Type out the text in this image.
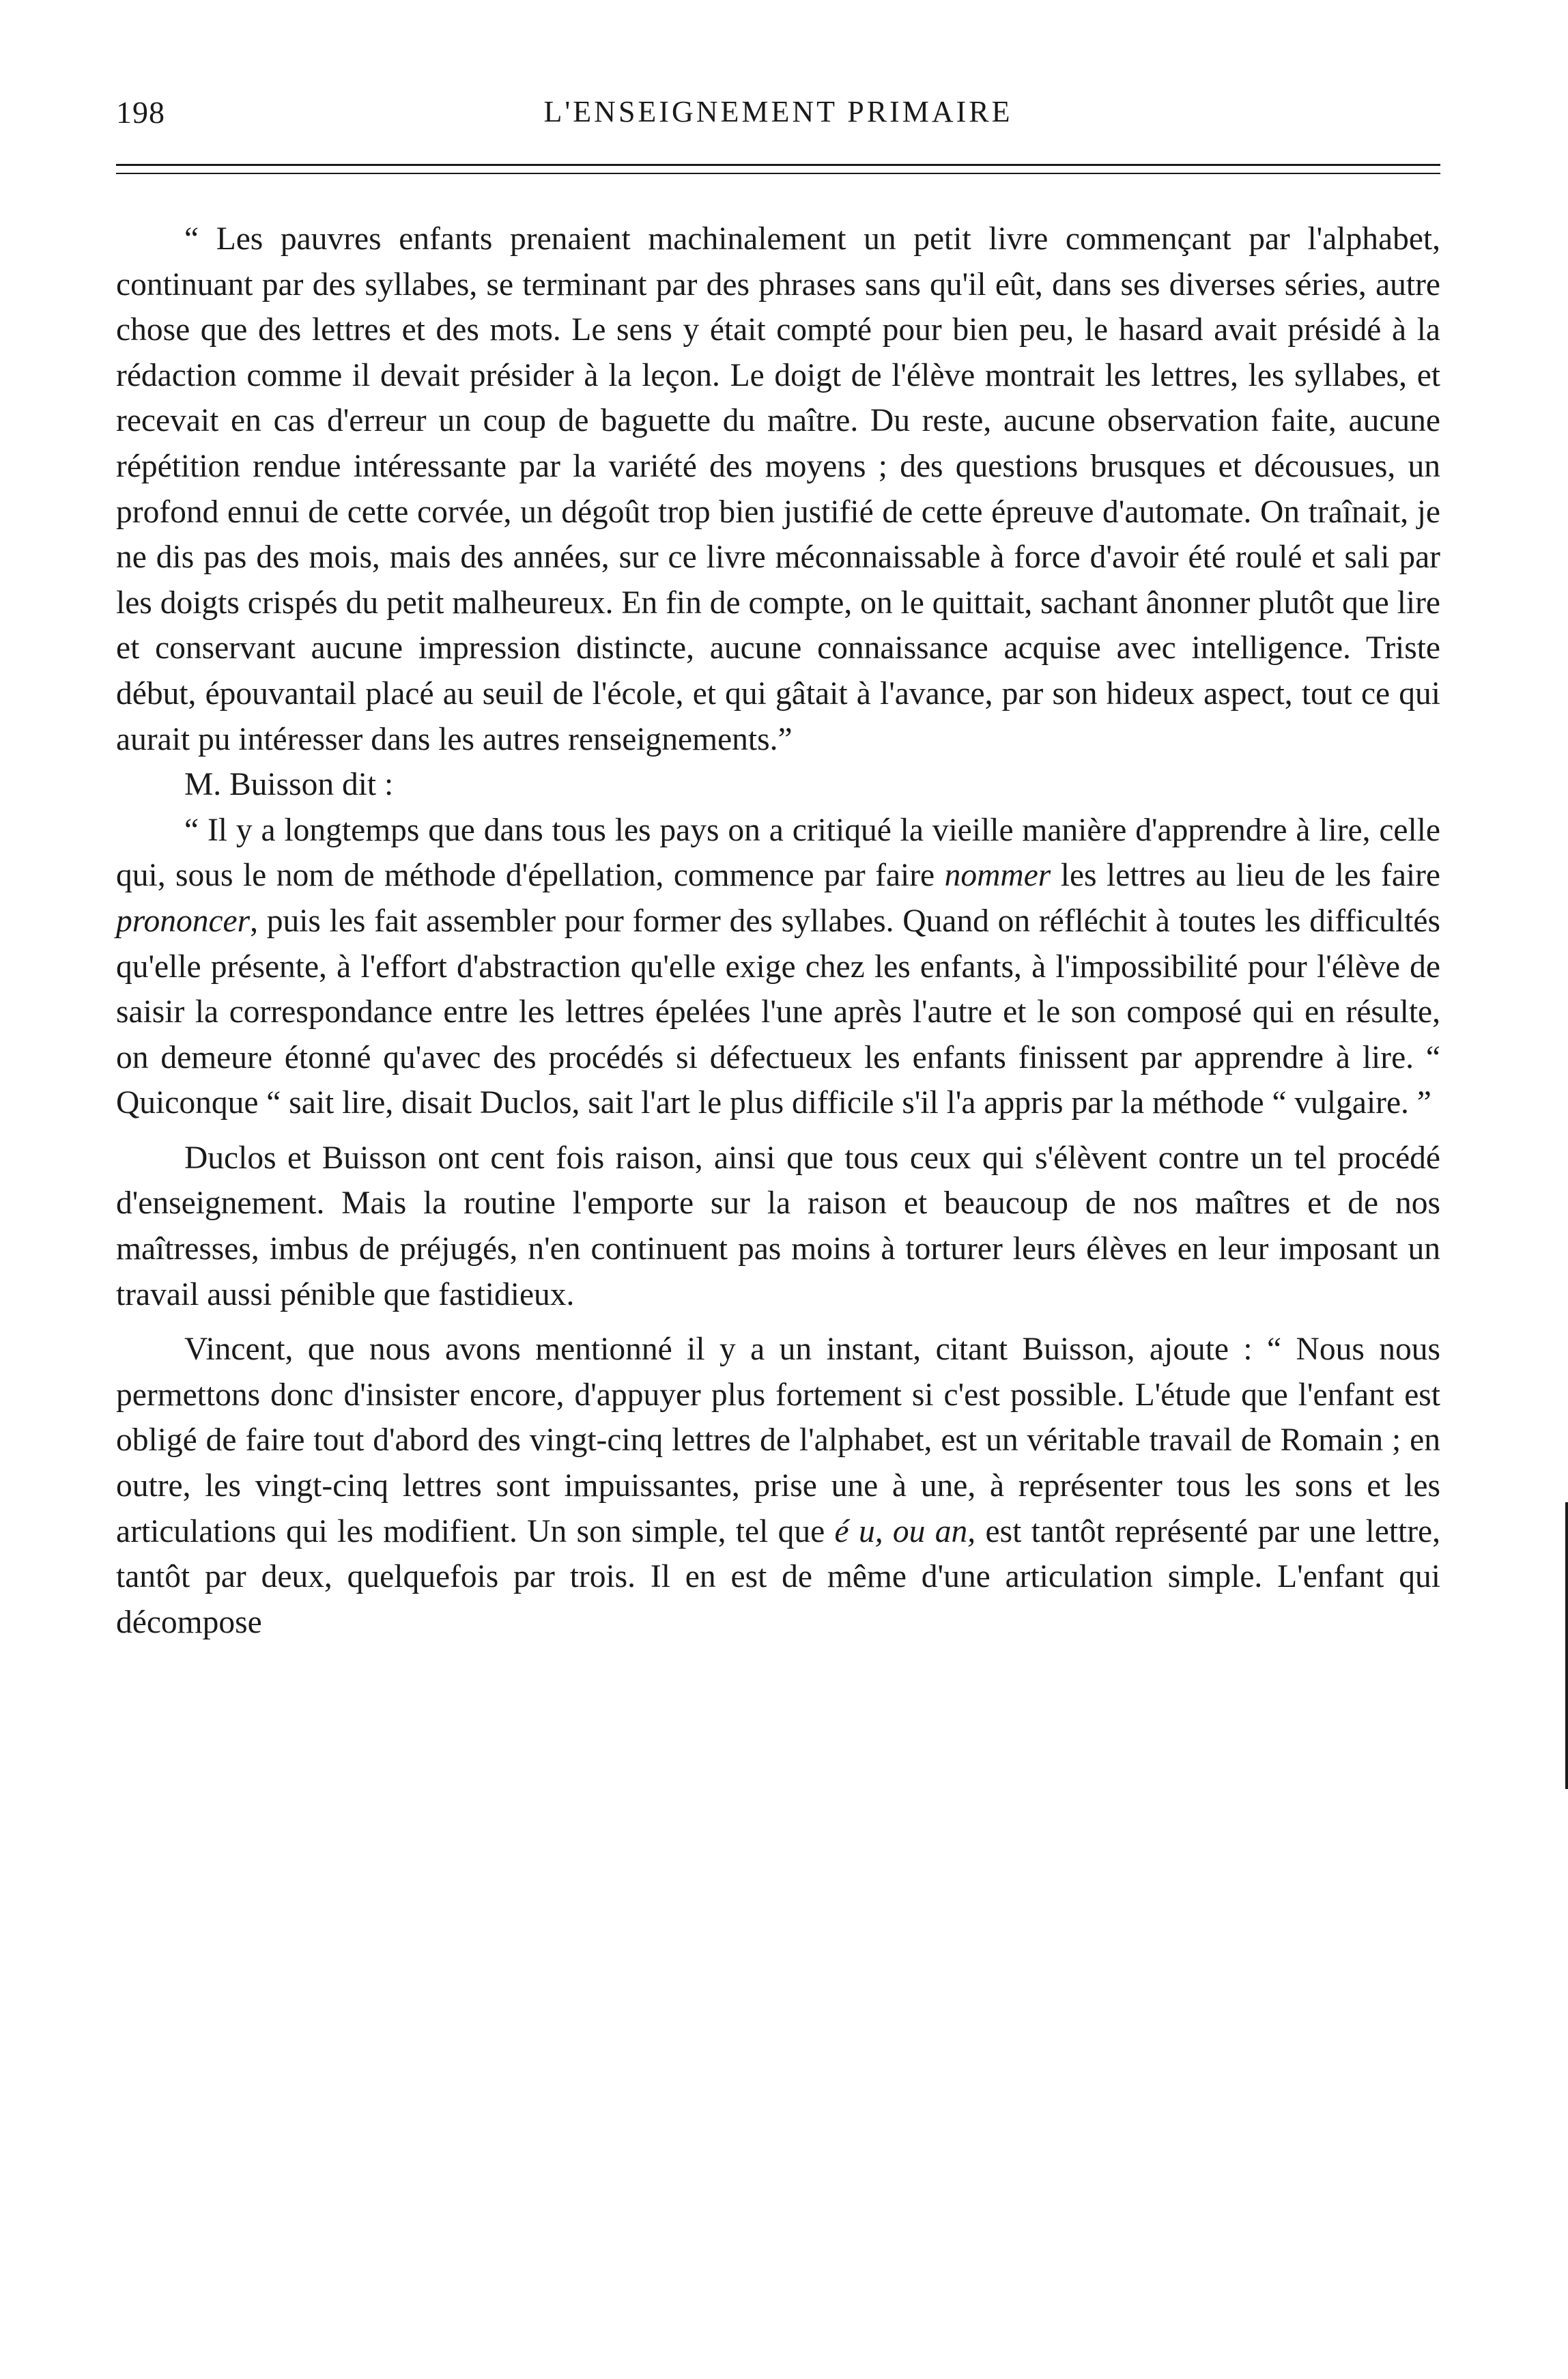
198	L'ENSEIGNEMENT PRIMAIRE

“ Les pauvres enfants prenaient machinalement un petit livre commençant par l'alphabet, continuant par des syllabes, se terminant par des phrases sans qu'il eût, dans ses diverses séries, autre chose que des lettres et des mots. Le sens y était compté pour bien peu, le hasard avait présidé à la rédaction comme il devait présider à la leçon. Le doigt de l'élève montrait les lettres, les syllabes, et recevait en cas d'erreur un coup de baguette du maître. Du reste, aucune observation faite, aucune répétition rendue intéressante par la variété des moyens ; des questions brusques et décousues, un profond ennui de cette corvée, un dégoût trop bien justifié de cette épreuve d'automate. On traînait, je ne dis pas des mois, mais des années, sur ce livre méconnaissable à force d'avoir été roulé et sali par les doigts crispés du petit malheureux. En fin de compte, on le quittait, sachant ânonner plutôt que lire et conservant aucune impression distincte, aucune connaissance acquise avec intelligence. Triste début, épouvantail placé au seuil de l'école, et qui gâtait à l'avance, par son hideux aspect, tout ce qui aurait pu intéresser dans les autres renseignements.”

M. Buisson dit :

“ Il y a longtemps que dans tous les pays on a critiqué la vieille manière d'apprendre à lire, celle qui, sous le nom de méthode d'épellation, commence par faire nommer les lettres au lieu de les faire prononcer, puis les fait assembler pour former des syllabes. Quand on réfléchit à toutes les difficultés qu'elle présente, à l'effort d'abstraction qu'elle exige chez les enfants, à l'impossibilité pour l'élève de saisir la correspondance entre les lettres épelées l'une après l'autre et le son composé qui en résulte, on demeure étonné qu'avec des procédés si défectueux les enfants finissent par apprendre à lire. “ Quiconque “ sait lire, disait Duclos, sait l'art le plus difficile s'il l'a appris par la méthode “ vulgaire. ”

Duclos et Buisson ont cent fois raison, ainsi que tous ceux qui s'élèvent contre un tel procédé d'enseignement. Mais la routine l'emporte sur la raison et beaucoup de nos maîtres et de nos maîtresses, imbus de préjugés, n'en continuent pas moins à torturer leurs élèves en leur imposant un travail aussi pénible que fastidieux.

Vincent, que nous avons mentionné il y a un instant, citant Buisson, ajoute : “ Nous nous permettons donc d'insister encore, d'appuyer plus fortement si c'est possible. L'étude que l'enfant est obligé de faire tout d'abord des vingt-cinq lettres de l'alphabet, est un véritable travail de Romain ; en outre, les vingt-cinq lettres sont impuissantes, prise une à une, à représenter tous les sons et les articulations qui les modifient. Un son simple, tel que é u, ou an, est tantôt représenté par une lettre, tantôt par deux, quelquefois par trois. Il en est de même d'une articulation simple. L'enfant qui décompose
